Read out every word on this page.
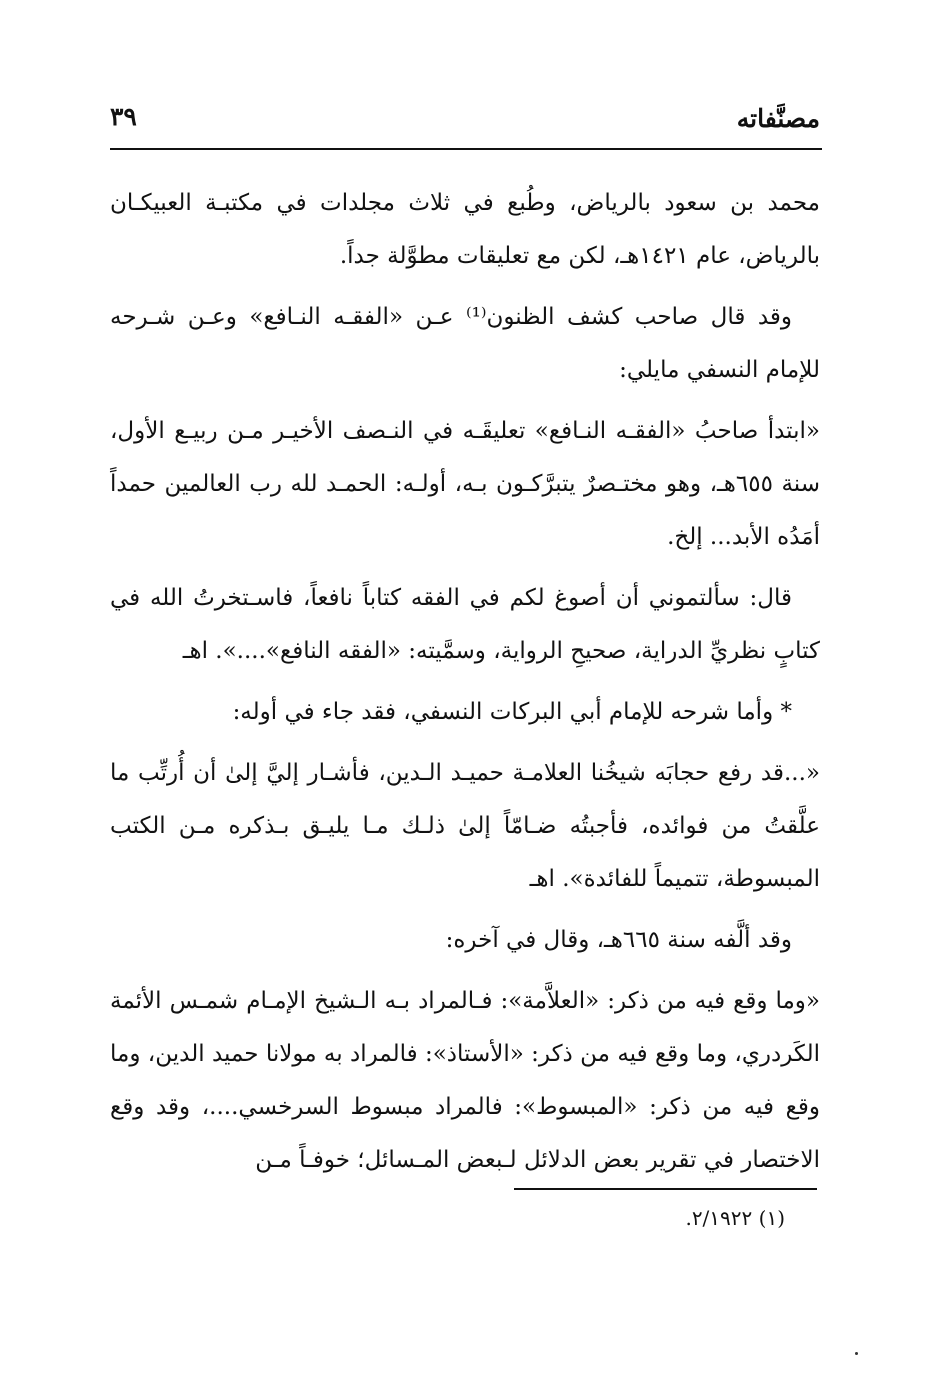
مصنَّفاته
٣٩

محمد بن سعود بالرياض، وطُبع في ثلاث مجلدات في مكتبـة العبيكـان بالرياض، عام ١٤٢١هـ، لكن مع تعليقات مطوَّلة جداً.

وقد قال صاحب كشف الظنون⁽¹⁾ عـن «الفقـه النـافع» وعـن شـرحه للإمام النسفي مايلي:

«ابتدأ صاحبُ «الفقـه النـافع» تعليقَـه في النـصف الأخيـر مـن ربيـع الأول، سنة ٦٥٥هـ، وهو مختـصرٌ يتبرَّكـون بـه، أولـه: الحمـد لله رب العالمين حمداً أمَدُه الأبد... إلخ.

قال: سألتموني أن أصوغ لكم في الفقه كتاباً نافعاً، فاسـتخرتُ الله في كتابٍ نظريِّ الدراية، صحيحِ الرواية، وسمَّيته: «الفقه النافع»....». اهـ

* وأما شرحه للإمام أبي البركات النسفي، فقد جاء في أوله:

«...قد رفع حجابَه شيخُنا العلامـة حميـد الـدين، فأشـار إليَّ إلىٰ أن أُرتِّب ما علَّقتُ من فوائده، فأجبتُه ضـامّاً إلىٰ ذلـك مـا يليـق بـذكره مـن الكتب المبسوطة، تتميماً للفائدة». اهـ

وقد ألَّفه سنة ٦٦٥هـ، وقال في آخره:

«وما وقع فيه من ذكر: «العلاَّمة»: فـالمراد بـه الـشيخ الإمـام شمـس الأئمة الكَردري، وما وقع فيه من ذكر: «الأستاذ»: فالمراد به مولانا حميد الدين، وما وقع فيه من ذكر: «المبسوط»: فالمراد مبسوط السرخسي....، وقد وقع الاختصار في تقرير بعض الدلائل لـبعض المـسائل؛ خوفـاً مـن

(١) ٢/١٩٢٢.
